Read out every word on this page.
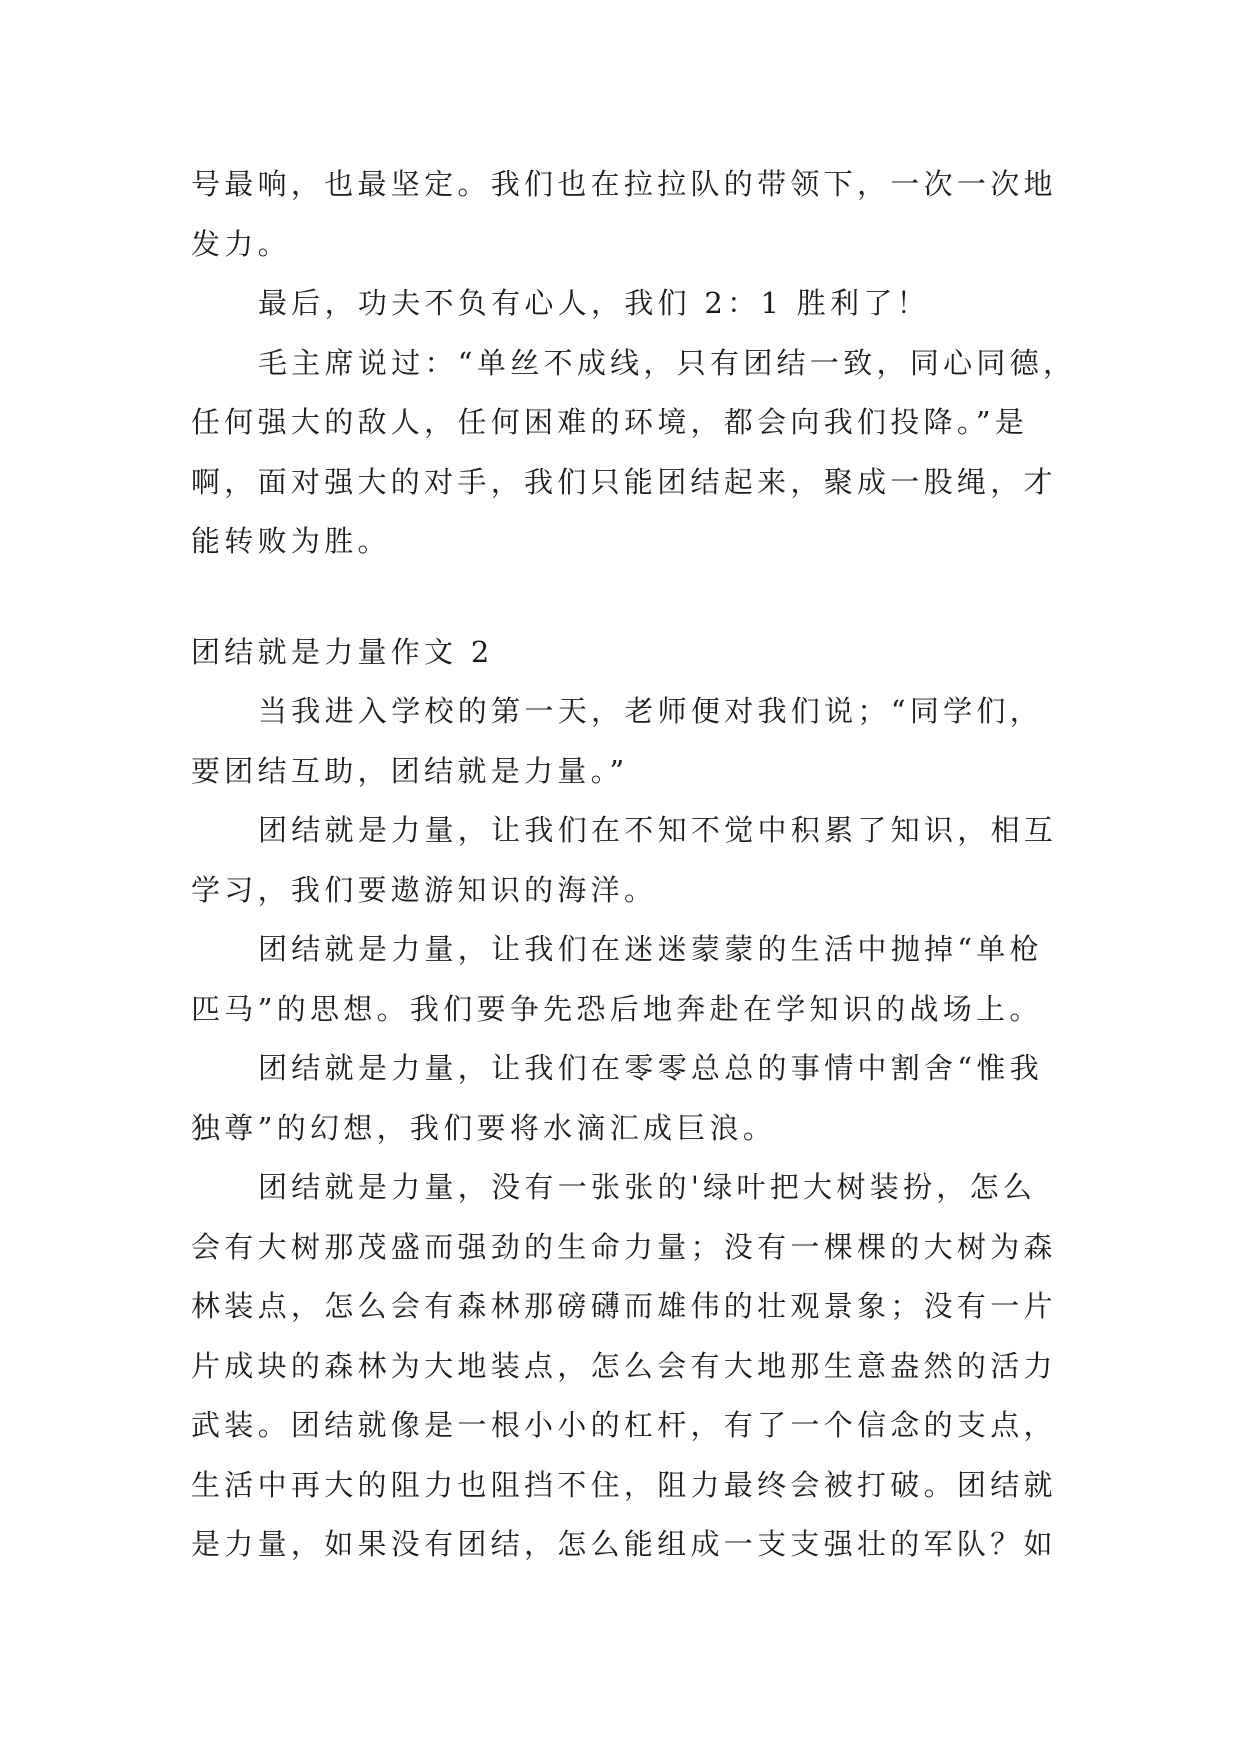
号最响，也最坚定。我们也在拉拉队的带领下，一次一次地
发力。
最后，功夫不负有心人，我们 2：1 胜利了！
毛主席说过：“单丝不成线，只有团结一致，同心同德，
任何强大的敌人，任何困难的环境，都会向我们投降。”是
啊，面对强大的对手，我们只能团结起来，聚成一股绳，才
能转败为胜。
团结就是力量作文 2
当我进入学校的第一天，老师便对我们说；“同学们，
要团结互助，团结就是力量。”
团结就是力量，让我们在不知不觉中积累了知识，相互
学习，我们要遨游知识的海洋。
团结就是力量，让我们在迷迷蒙蒙的生活中抛掉“单枪
匹马”的思想。我们要争先恐后地奔赴在学知识的战场上。
团结就是力量，让我们在零零总总的事情中割舍“惟我
独尊”的幻想，我们要将水滴汇成巨浪。
团结就是力量，没有一张张的'绿叶把大树装扮，怎么
会有大树那茂盛而强劲的生命力量；没有一棵棵的大树为森
林装点，怎么会有森林那磅礴而雄伟的壮观景象；没有一片
片成块的森林为大地装点，怎么会有大地那生意盎然的活力
武装。团结就像是一根小小的杠杆，有了一个信念的支点，
生活中再大的阻力也阻挡不住，阻力最终会被打破。团结就
是力量，如果没有团结，怎么能组成一支支强壮的军队？如
